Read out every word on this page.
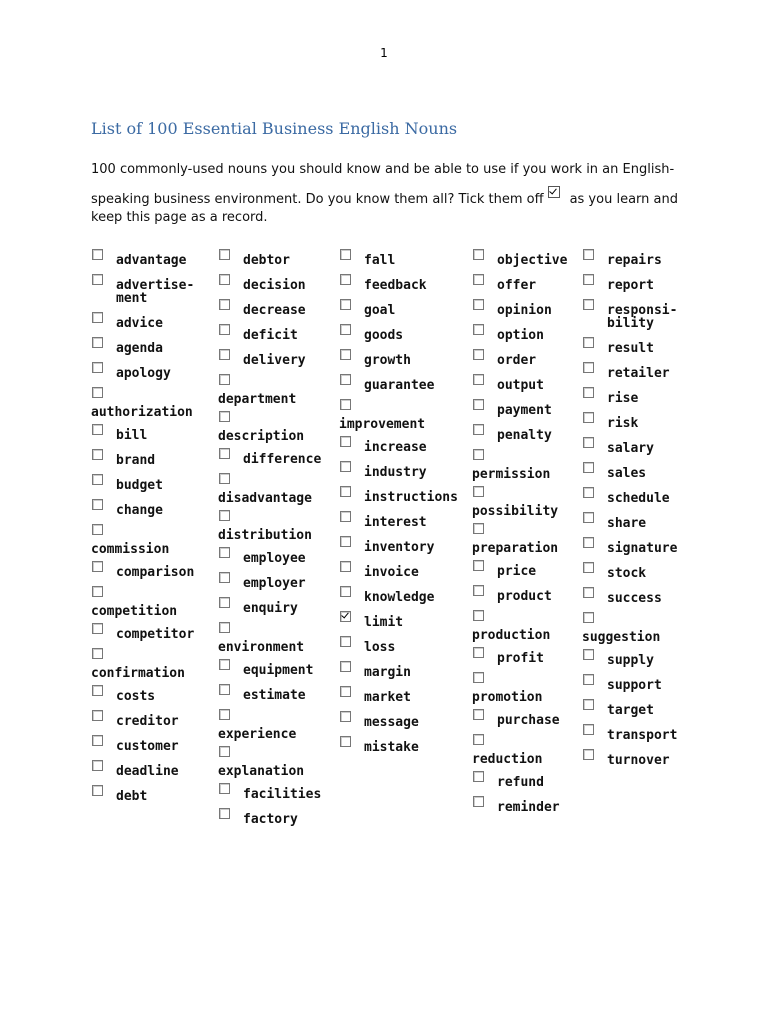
1
List of 100 Essential Business English Nouns
100 commonly-used nouns you should know and be able to use if you work in an English-
speaking business environment. Do you know them all? Tick them off as you learn and
keep this page as a record.
advantage
advertise-
ment
advice
agenda
apology
authorization
bill
brand
budget
change
commission
comparison
competition
competitor
confirmation
costs
creditor
customer
deadline
debt
debtor
decision
decrease
deficit
delivery
department
description
difference
disadvantage
distribution
employee
employer
enquiry
environment
equipment
estimate
experience
explanation
facilities
factory
fall
feedback
goal
goods
growth
guarantee
improvement
increase
industry
instructions
interest
inventory
invoice
knowledge
limit
loss
margin
market
message
mistake
objective
offer
opinion
option
order
output
payment
penalty
permission
possibility
preparation
price
product
production
profit
promotion
purchase
reduction
refund
reminder
repairs
report
responsi-
bility
result
retailer
rise
risk
salary
sales
schedule
share
signature
stock
success
suggestion
supply
support
target
transport
turnover
